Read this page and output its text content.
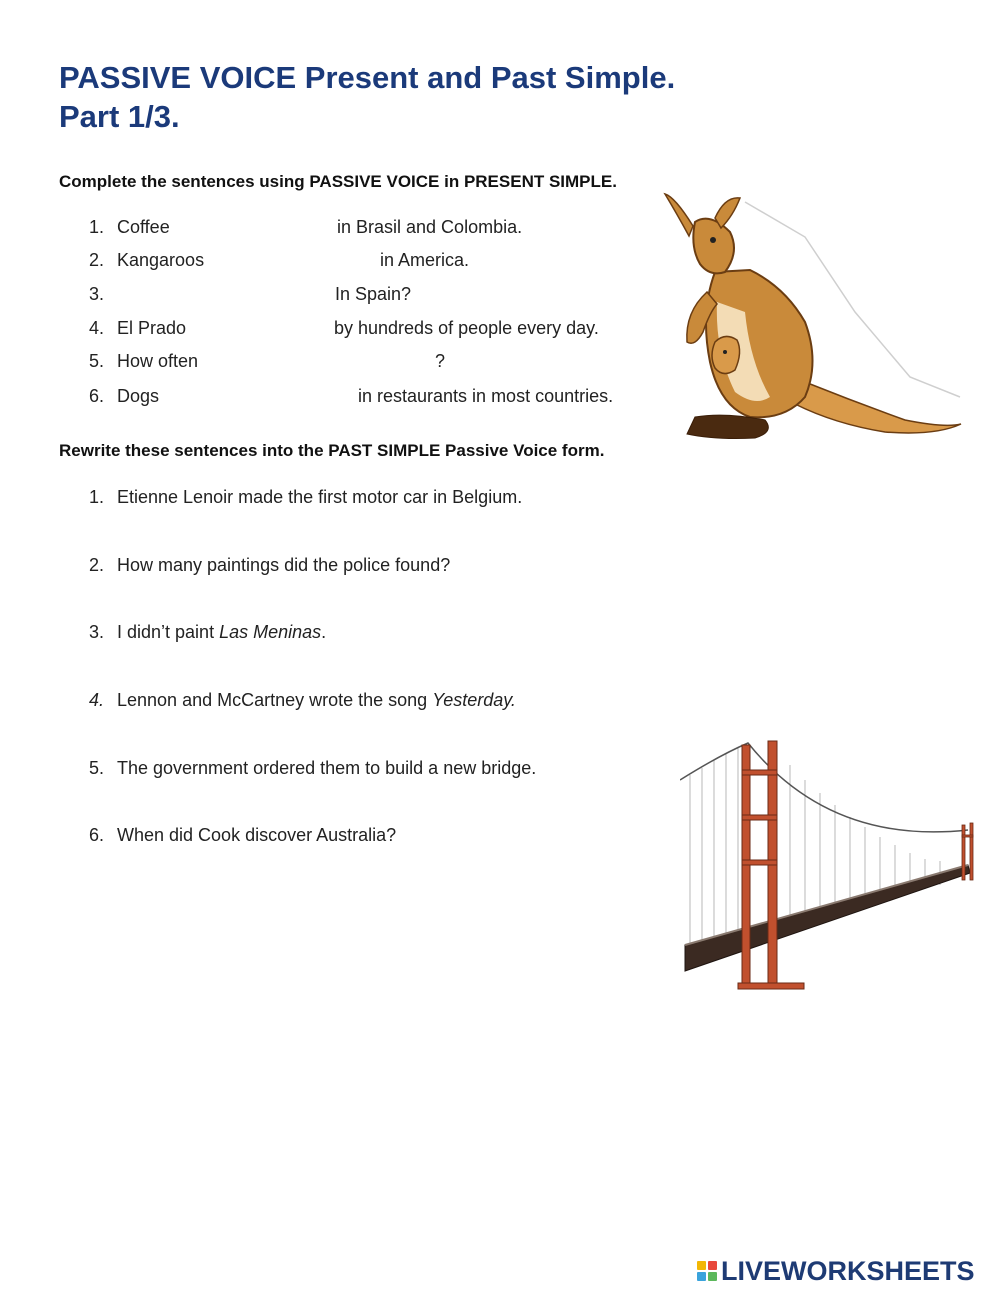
PASSIVE VOICE Present and Past Simple.
Part 1/3.

Complete the sentences using PASSIVE VOICE in PRESENT SIMPLE.

1. Coffee	in Brasil and Colombia.
2. Kangaroos	in America.
3.	In Spain?
4. El Prado	by hundreds of people every day.
5. How often	?
6. Dogs	in restaurants in most countries.

Rewrite these sentences into the PAST SIMPLE Passive Voice form.

1. Etienne Lenoir made the first motor car in Belgium.
2. How many paintings did the police found?
3. I didn’t paint Las Meninas.
4. Lennon and McCartney wrote the song Yesterday.
5. The government ordered them to build a new bridge.
6. When did Cook discover Australia?
LIVEWORKSHEETS
